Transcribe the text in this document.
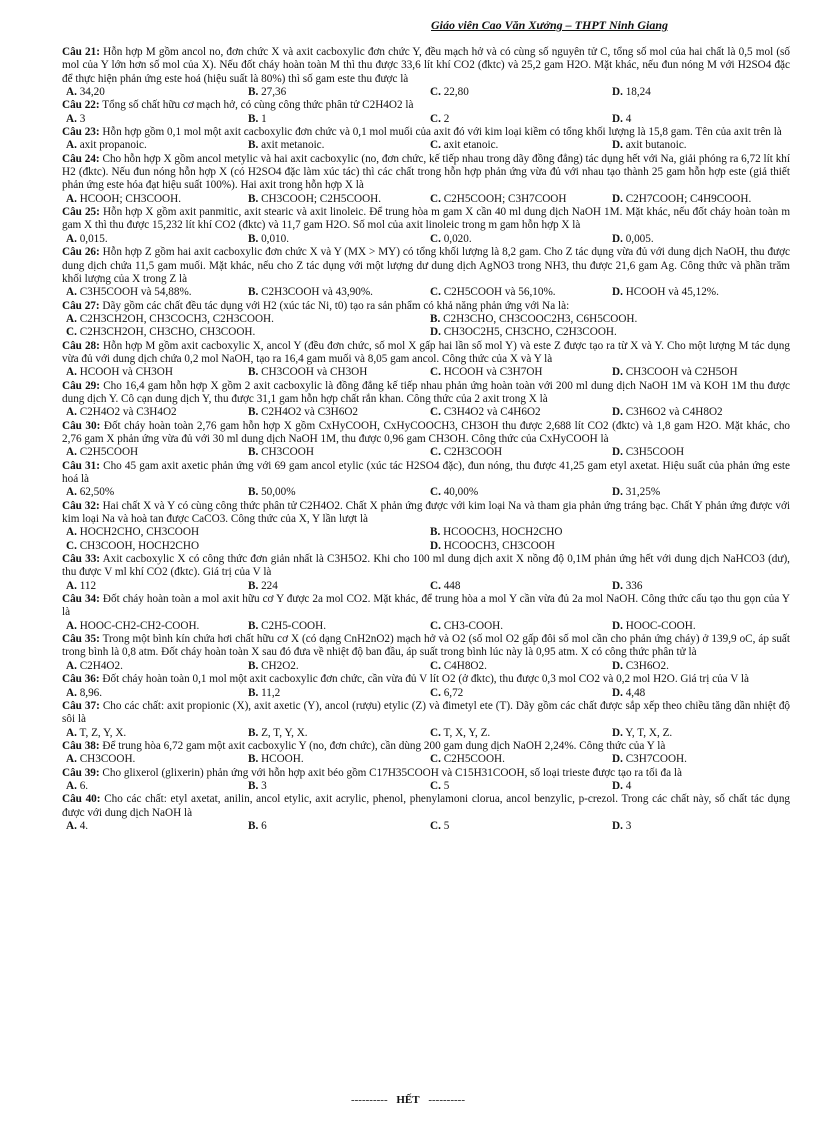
Giáo viên Cao Văn Xưởng – THPT Ninh Giang
Câu 21: Hỗn hợp M gồm ancol no, đơn chức X và axit cacboxylic đơn chức Y, đều mạch hở và có cùng số nguyên tử C, tổng số mol của hai chất là 0,5 mol (số mol của Y lớn hơn số mol của X). Nếu đốt cháy hoàn toàn M thì thu được 33,6 lít khí CO2 (đktc) và 25,2 gam H2O. Mặt khác, nếu đun nóng M với H2SO4 đặc để thực hiện phản ứng este hoá (hiệu suất là 80%) thì số gam este thu được là
A. 34,20	B. 27,36	C. 22,80	D. 18,24
Câu 22: Tổng số chất hữu cơ mạch hở, có cùng công thức phân tử C2H4O2 là
A. 3	B. 1	C. 2	D. 4
Câu 23: Hỗn hợp gồm 0,1 mol một axit cacboxylic đơn chức và 0,1 mol muối của axit đó với kim loại kiềm có tổng khối lượng là 15,8 gam. Tên của axit trên là
A. axit propanoic.	B. axit metanoic.	C. axit etanoic.	D. axit butanoic.
Câu 24: Cho hỗn hợp X gồm ancol metylic và hai axit cacboxylic (no, đơn chức, kế tiếp nhau trong dãy đồng đẳng) tác dụng hết với Na, giải phóng ra 6,72 lít khí H2 (đktc). Nếu đun nóng hỗn hợp X (có H2SO4 đặc làm xúc tác) thì các chất trong hỗn hợp phản ứng vừa đủ với nhau tạo thành 25 gam hỗn hợp este (giả thiết phản ứng este hóa đạt hiệu suất 100%). Hai axit trong hỗn hợp X là
A. HCOOH; CH3COOH.	B. CH3COOH; C2H5COOH.	C. C2H5COOH; C3H7COOH	D. C2H7COOH; C4H9COOH.
Câu 25: Hỗn hợp X gồm axit panmitic, axit stearic và axit linoleic. Để trung hòa m gam X cần 40 ml dung dịch NaOH 1M. Mặt khác, nếu đốt cháy hoàn toàn m gam X thì thu được 15,232 lít khí CO2 (đktc) và 11,7 gam H2O. Số mol của axit linoleic trong m gam hỗn hợp X là
A. 0,015.	B. 0,010.	C. 0,020.	D. 0,005.
Câu 26: Hỗn hợp Z gồm hai axit cacboxylic đơn chức X và Y (MX > MY) có tổng khối lượng là 8,2 gam. Cho Z tác dụng vừa đủ với dung dịch NaOH, thu được dung dịch chứa 11,5 gam muối. Mặt khác, nếu cho Z tác dụng với một lượng dư dung dịch AgNO3 trong NH3, thu được 21,6 gam Ag. Công thức và phần trăm khối lượng của X trong Z là
A. C3H5COOH và 54,88%.	B. C2H3COOH và 43,90%.	C. C2H5COOH và 56,10%.	D. HCOOH và 45,12%.
Câu 27: Dãy gồm các chất đều tác dụng với H2 (xúc tác Ni, t0) tạo ra sản phẩm có khả năng phản ứng với Na là:
A. C2H3CH2OH, CH3COCH3, C2H3COOH.	B. C2H3CHO, CH3COOC2H3, C6H5COOH.
C. C2H3CH2OH, CH3CHO, CH3COOH.	D. CH3OC2H5, CH3CHO, C2H3COOH.
Câu 28: Hỗn hợp M gồm axit cacboxylic X, ancol Y (đều đơn chức, số mol X gấp hai lần số mol Y) và este Z được tạo ra từ X và Y. Cho một lượng M tác dụng vừa đủ với dung dịch chứa 0,2 mol NaOH, tạo ra 16,4 gam muối và 8,05 gam ancol. Công thức của X và Y là
A. HCOOH và CH3OH	B. CH3COOH và CH3OH	C. HCOOH và C3H7OH	D. CH3COOH và C2H5OH
Câu 29: Cho 16,4 gam hỗn hợp X gồm 2 axit cacboxylic là đồng đẳng kế tiếp nhau phản ứng hoàn toàn với 200 ml dung dịch NaOH 1M và KOH 1M thu được dung dịch Y. Cô cạn dung dịch Y, thu được 31,1 gam hỗn hợp chất rắn khan. Công thức của 2 axit trong X là
A. C2H4O2 và C3H4O2	B. C2H4O2 và C3H6O2	C. C3H4O2 và C4H6O2	D. C3H6O2 và C4H8O2
Câu 30: Đốt cháy hoàn toàn 2,76 gam hỗn hợp X gồm CxHyCOOH, CxHyCOOCH3, CH3OH thu được 2,688 lít CO2 (đktc) và 1,8 gam H2O. Mặt khác, cho 2,76 gam X phản ứng vừa đủ với 30 ml dung dịch NaOH 1M, thu được 0,96 gam CH3OH. Công thức của CxHyCOOH là
A. C2H5COOH	B. CH3COOH	C. C2H3COOH	D. C3H5COOH
Câu 31: Cho 45 gam axit axetic phản ứng với 69 gam ancol etylic (xúc tác H2SO4 đặc), đun nóng, thu được 41,25 gam etyl axetat. Hiệu suất của phản ứng este hoá là
A. 62,50%	B. 50,00%	C. 40,00%	D. 31,25%
Câu 32: Hai chất X và Y có cùng công thức phân tử C2H4O2. Chất X phản ứng được với kim loại Na và tham gia phản ứng tráng bạc. Chất Y phản ứng được với kim loại Na và hoà tan được CaCO3. Công thức của X, Y lần lượt là
A. HOCH2CHO, CH3COOH	B. HCOOCH3, HOCH2CHO
C. CH3COOH, HOCH2CHO	D. HCOOCH3, CH3COOH
Câu 33: Axit cacboxylic X có công thức đơn giản nhất là C3H5O2. Khi cho 100 ml dung dịch axit X nồng độ 0,1M phản ứng hết với dung dịch NaHCO3 (dư), thu được V ml khí CO2 (đktc). Giá trị của V là
A. 112	B. 224	C. 448	D. 336
Câu 34: Đốt cháy hoàn toàn a mol axit hữu cơ Y được 2a mol CO2. Mặt khác, để trung hòa a mol Y cần vừa đủ 2a mol NaOH. Công thức cấu tạo thu gọn của Y là
A. HOOC-CH2-CH2-COOH.	B. C2H5-COOH.	C. CH3-COOH.	D. HOOC-COOH.
Câu 35: Trong một bình kín chứa hơi chất hữu cơ X (có dạng CnH2nO2) mạch hở và O2 (số mol O2 gấp đôi số mol cần cho phản ứng cháy) ở 139,9 oC, áp suất trong bình là 0,8 atm. Đốt cháy hoàn toàn X sau đó đưa về nhiệt độ ban đầu, áp suất trong bình lúc này là 0,95 atm. X có công thức phân tử là
A. C2H4O2.	B. CH2O2.	C. C4H8O2.	D. C3H6O2.
Câu 36: Đốt cháy hoàn toàn 0,1 mol một axit cacboxylic đơn chức, cần vừa đủ V lít O2 (ở đktc), thu được 0,3 mol CO2 và 0,2 mol H2O. Giá trị của V là
A. 8,96.	B. 11,2	C. 6,72	D. 4,48
Câu 37: Cho các chất: axit propionic (X), axit axetic (Y), ancol (rượu) etylic (Z) và đimetyl ete (T). Dãy gồm các chất được sắp xếp theo chiều tăng dần nhiệt độ sôi là
A. T, Z, Y, X.	B. Z, T, Y, X.	C. T, X, Y, Z.	D. Y, T, X, Z.
Câu 38: Để trung hòa 6,72 gam một axit cacboxylic Y (no, đơn chức), cần dùng 200 gam dung dịch NaOH 2,24%. Công thức của Y là
A. CH3COOH.	B. HCOOH.	C. C2H5COOH.	D. C3H7COOH.
Câu 39: Cho glixerol (glixerin) phản ứng với hỗn hợp axit béo gồm C17H35COOH và C15H31COOH, số loại trieste được tạo ra tối đa là
A. 6.	B. 3	C. 5	D. 4
Câu 40: Cho các chất: etyl axetat, anilin, ancol etylic, axit acrylic, phenol, phenylamoni clorua, ancol benzylic, p-crezol. Trong các chất này, số chất tác dụng được với dung dịch NaOH là
A. 4.	B. 6	C. 5	D. 3
---------- HẾT ----------
